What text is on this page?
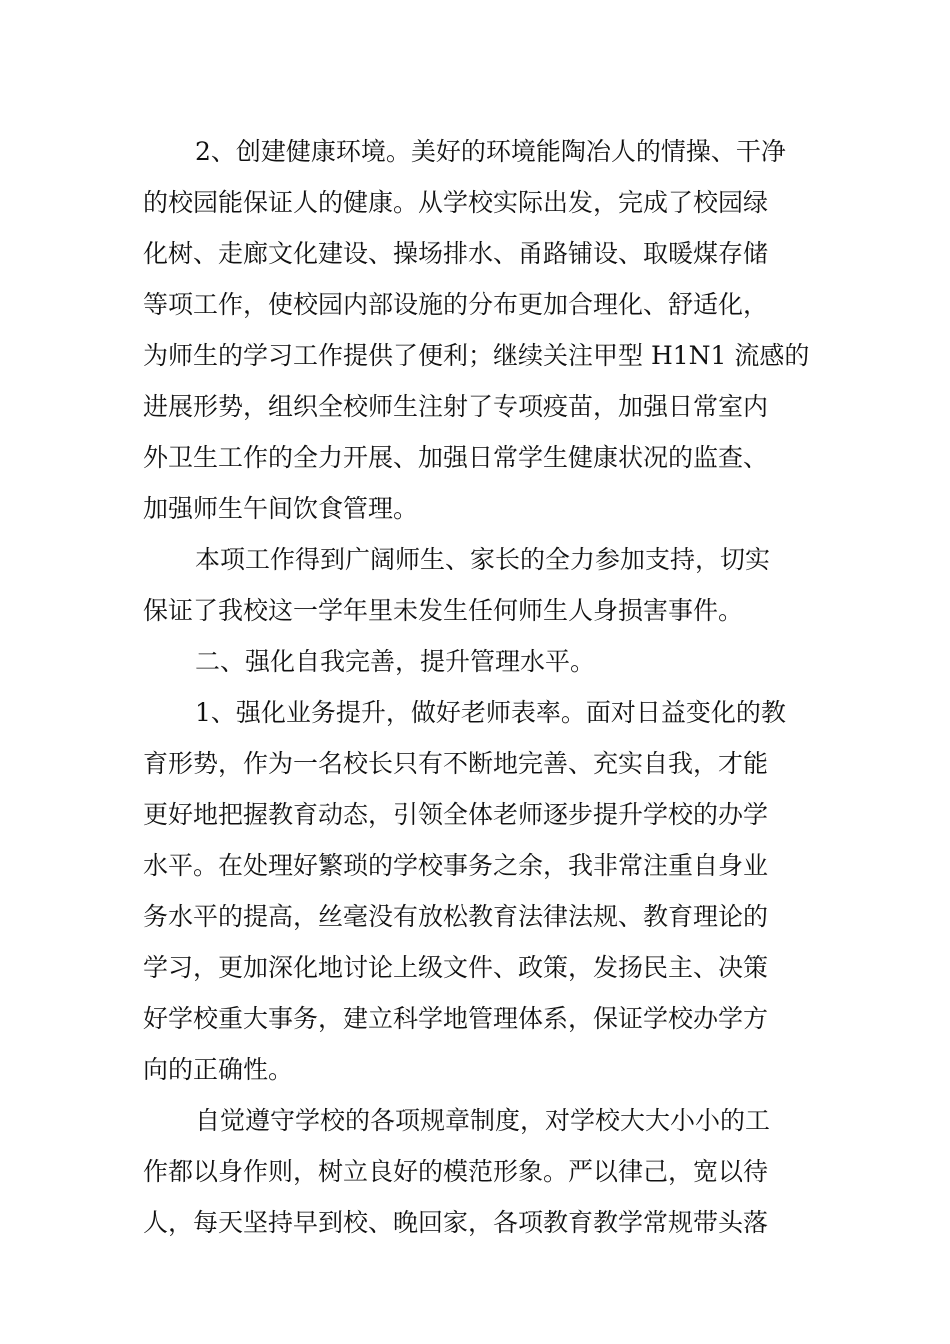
2、创建健康环境。美好的环境能陶冶人的情操、干净
的校园能保证人的健康。从学校实际出发，完成了校园绿
化树、走廊文化建设、操场排水、甬路铺设、取暖煤存储
等项工作，使校园内部设施的分布更加合理化、舒适化，
为师生的学习工作提供了便利；继续关注甲型 H1N1 流感的
进展形势，组织全校师生注射了专项疫苗，加强日常室内
外卫生工作的全力开展、加强日常学生健康状况的监查、
加强师生午间饮食管理。
本项工作得到广阔师生、家长的全力参加支持，切实
保证了我校这一学年里未发生任何师生人身损害事件。
二、强化自我完善，提升管理水平。
1、强化业务提升，做好老师表率。面对日益变化的教
育形势，作为一名校长只有不断地完善、充实自我，才能
更好地把握教育动态，引领全体老师逐步提升学校的办学
水平。在处理好繁琐的学校事务之余，我非常注重自身业
务水平的提高，丝毫没有放松教育法律法规、教育理论的
学习，更加深化地讨论上级文件、政策，发扬民主、决策
好学校重大事务，建立科学地管理体系，保证学校办学方
向的正确性。
自觉遵守学校的各项规章制度，对学校大大小小的工
作都以身作则，树立良好的模范形象。严以律己，宽以待
人，每天坚持早到校、晚回家，各项教育教学常规带头落
